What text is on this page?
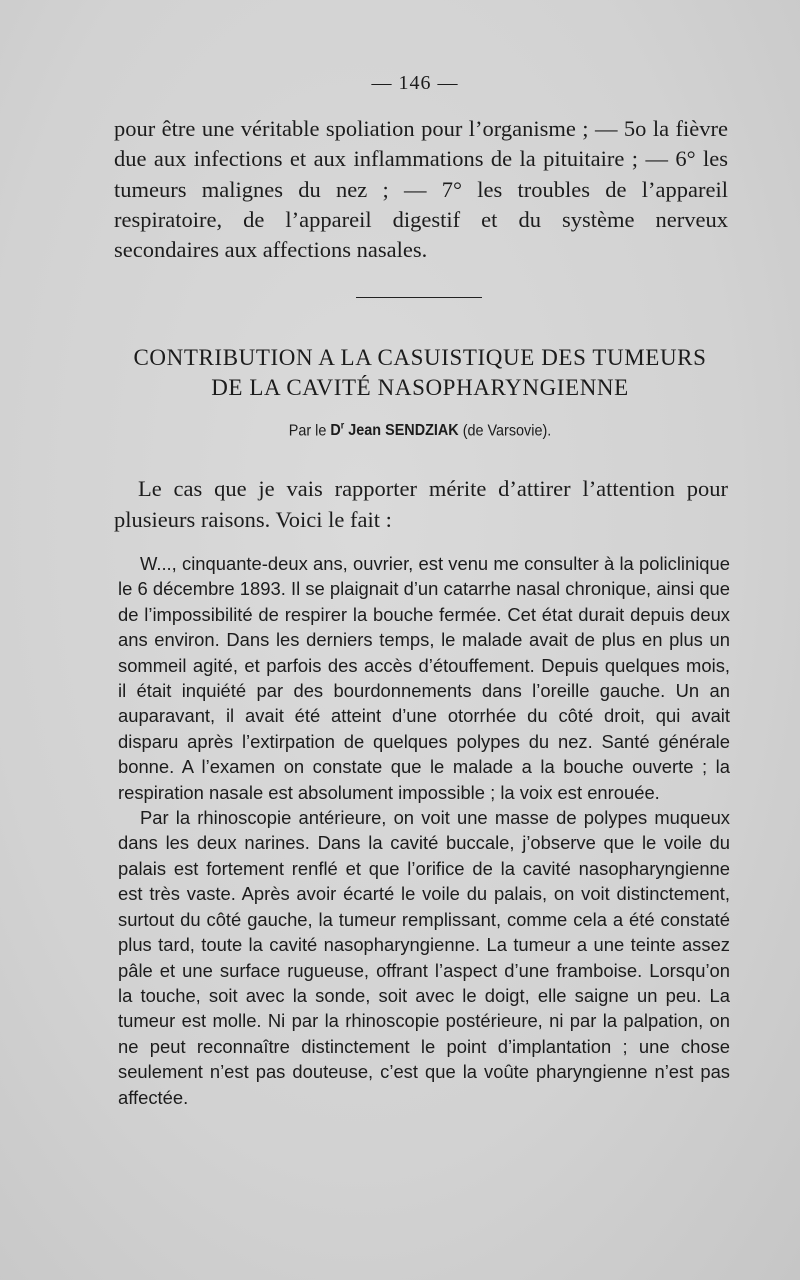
— 146 —
pour être une véritable spoliation pour l’organisme ; — 5o la fièvre due aux infections et aux inflammations de la pituitaire ; — 6° les tumeurs malignes du nez ; — 7° les troubles de l’appareil respiratoire, de l’appareil digestif et du système nerveux secondaires aux affections nasales.
CONTRIBUTION A LA CASUISTIQUE DES TUMEURS
DE LA CAVITÉ NASOPHARYNGIENNE
Par le $D^r$ Jean SENDZIAK (de Varsovie).
Le cas que je vais rapporter mérite d’attirer l’attention pour plusieurs raisons. Voici le fait :

W..., cinquante-deux ans, ouvrier, est venu me consulter à la policlinique le 6 décembre 1893. Il se plaignait d’un catarrhe nasal chronique, ainsi que de l’impossibilité de respirer la bouche fermée. Cet état durait depuis deux ans environ. Dans les derniers temps, le malade avait de plus en plus un sommeil agité, et parfois des accès d’étouffement. Depuis quelques mois, il était inquiété par des bourdonnements dans l’oreille gauche. Un an auparavant, il avait été atteint d’une otorrhée du côté droit, qui avait disparu après l’extirpation de quelques polypes du nez. Santé générale bonne. A l’examen on constate que le malade a la bouche ouverte ; la respiration nasale est absolument impossible ; la voix est enrouée.

Par la rhinoscopie antérieure, on voit une masse de polypes muqueux dans les deux narines. Dans la cavité buccale, j’observe que le voile du palais est fortement renflé et que l’orifice de la cavité nasopharyngienne est très vaste. Après avoir écarté le voile du palais, on voit distinctement, surtout du côté gauche, la tumeur remplissant, comme cela a été constaté plus tard, toute la cavité nasopharyngienne. La tumeur a une teinte assez pâle et une surface rugueuse, offrant l’aspect d’une framboise. Lorsqu’on la touche, soit avec la sonde, soit avec le doigt, elle saigne un peu. La tumeur est molle. Ni par la rhinoscopie postérieure, ni par la palpation, on ne peut reconnaître distinctement le point d’implantation ; une chose seulement n’est pas douteuse, c’est que la voûte pharyngienne n’est pas affectée.
